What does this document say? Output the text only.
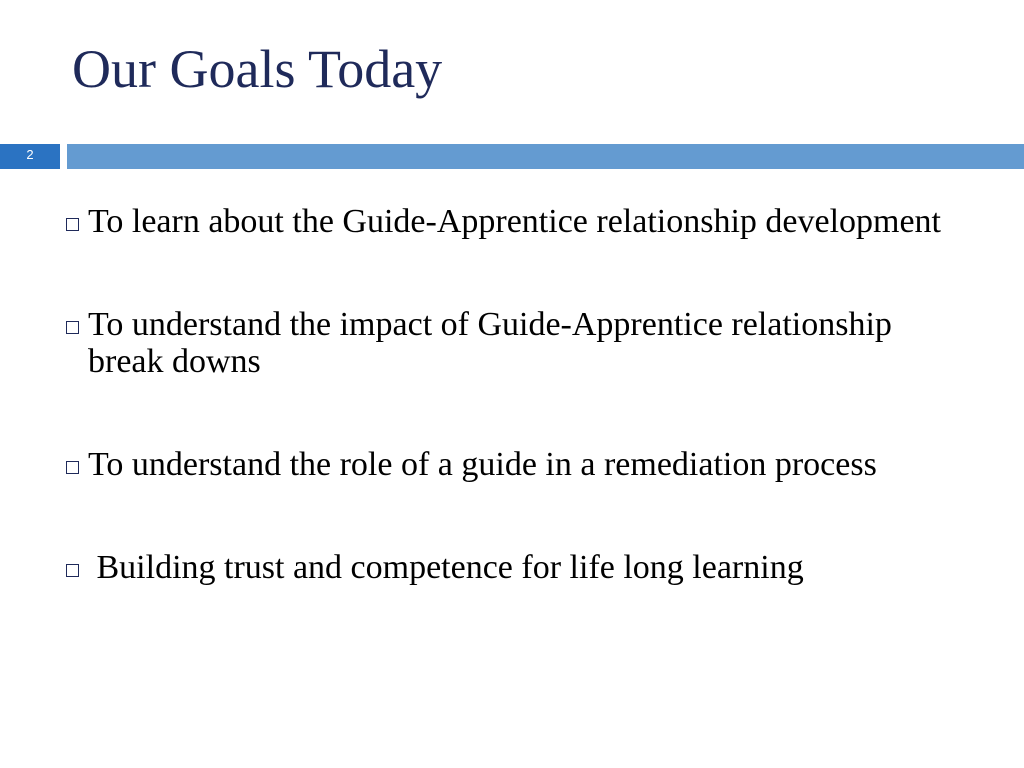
Our Goals Today
2
To learn about the Guide-Apprentice relationship development
To understand the impact of Guide-Apprentice relationship break downs
To understand the role of a guide in a remediation process
Building trust and competence for life long learning
